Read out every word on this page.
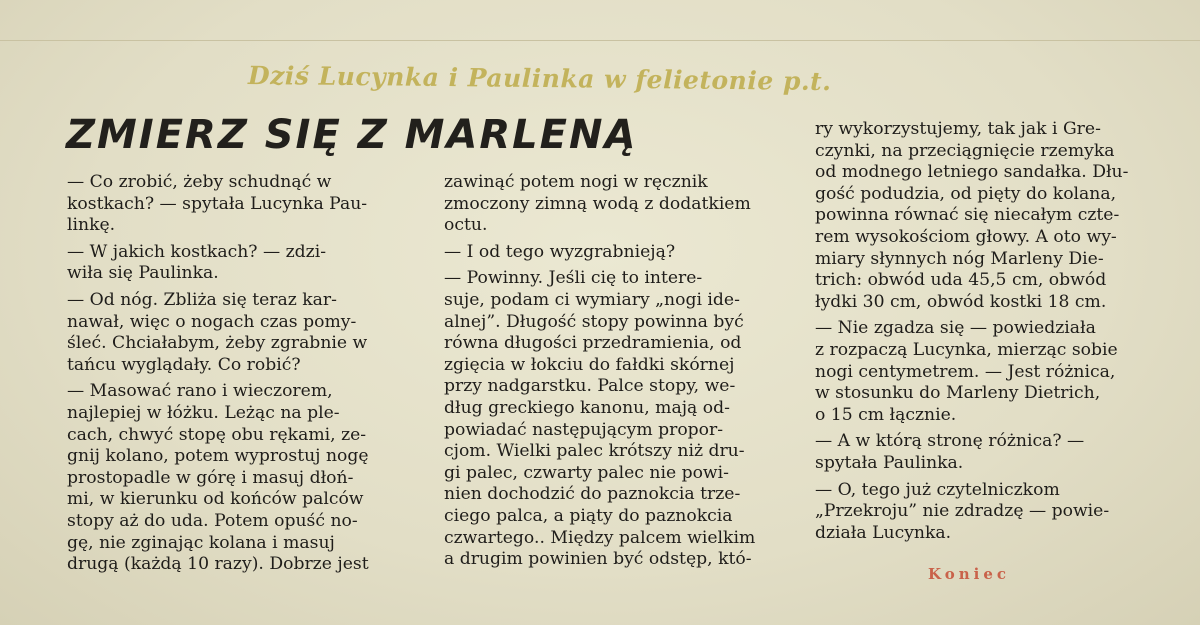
Dziś Lucynka i Paulinka w felietonie p.t.
ZMIERZ SIĘ Z MARLENĄ
— Co zrobić, żeby schudnąć w
kostkach? — spytała Lucynka Pau-
linkę.
— W jakich kostkach? — zdzi-
wiła się Paulinka.
— Od nóg. Zbliża się teraz kar-
nawał, więc o nogach czas pomy-
śleć. Chciałabym, żeby zgrabnie w
tańcu wyglądały. Co robić?
— Masować rano i wieczorem,
najlepiej w łóżku. Leżąc na ple-
cach, chwyć stopę obu rękami, ze-
gnij kolano, potem wyprostuj nogę
prostopadle w górę i masuj dłoń-
mi, w kierunku od końców palców
stopy aż do uda. Potem opuść no-
gę, nie zginając kolana i masuj
drugą (każdą 10 razy). Dobrze jest
zawinąć potem nogi w ręcznik
zmoczony zimną wodą z dodatkiem
octu.
— I od tego wyzgrabnieją?
— Powinny. Jeśli cię to intere-
suje, podam ci wymiary „nogi ide-
alnej”. Długość stopy powinna być
równa długości przedramienia, od
zgięcia w łokciu do fałdki skórnej
przy nadgarstku. Palce stopy, we-
dług greckiego kanonu, mają od-
powiadać następującym propor-
cjom. Wielki palec krótszy niż dru-
gi palec, czwarty palec nie powi-
nien dochodzić do paznokcia trze-
ciego palca, a piąty do paznokcia
czwartego.. Między palcem wielkim
a drugim powinien być odstęp, któ-
ry wykorzystujemy, tak jak i Gre-
czynki, na przeciągnięcie rzemyka
od modnego letniego sandałka. Dłu-
gość podudzia, od pięty do kolana,
powinna równać się niecałym czte-
rem wysokościom głowy. A oto wy-
miary słynnych nóg Marleny Die-
trich: obwód uda 45,5 cm, obwód
łydki 30 cm, obwód kostki 18 cm.
— Nie zgadza się — powiedziała
z rozpaczą Lucynka, mierząc sobie
nogi centymetrem. — Jest różnica,
w stosunku do Marleny Dietrich,
o 15 cm łącznie.
— A w którą stronę różnica? —
spytała Paulinka.
— O, tego już czytelniczkom
„Przekroju” nie zdradzę — powie-
działa Lucynka.
Koniec
